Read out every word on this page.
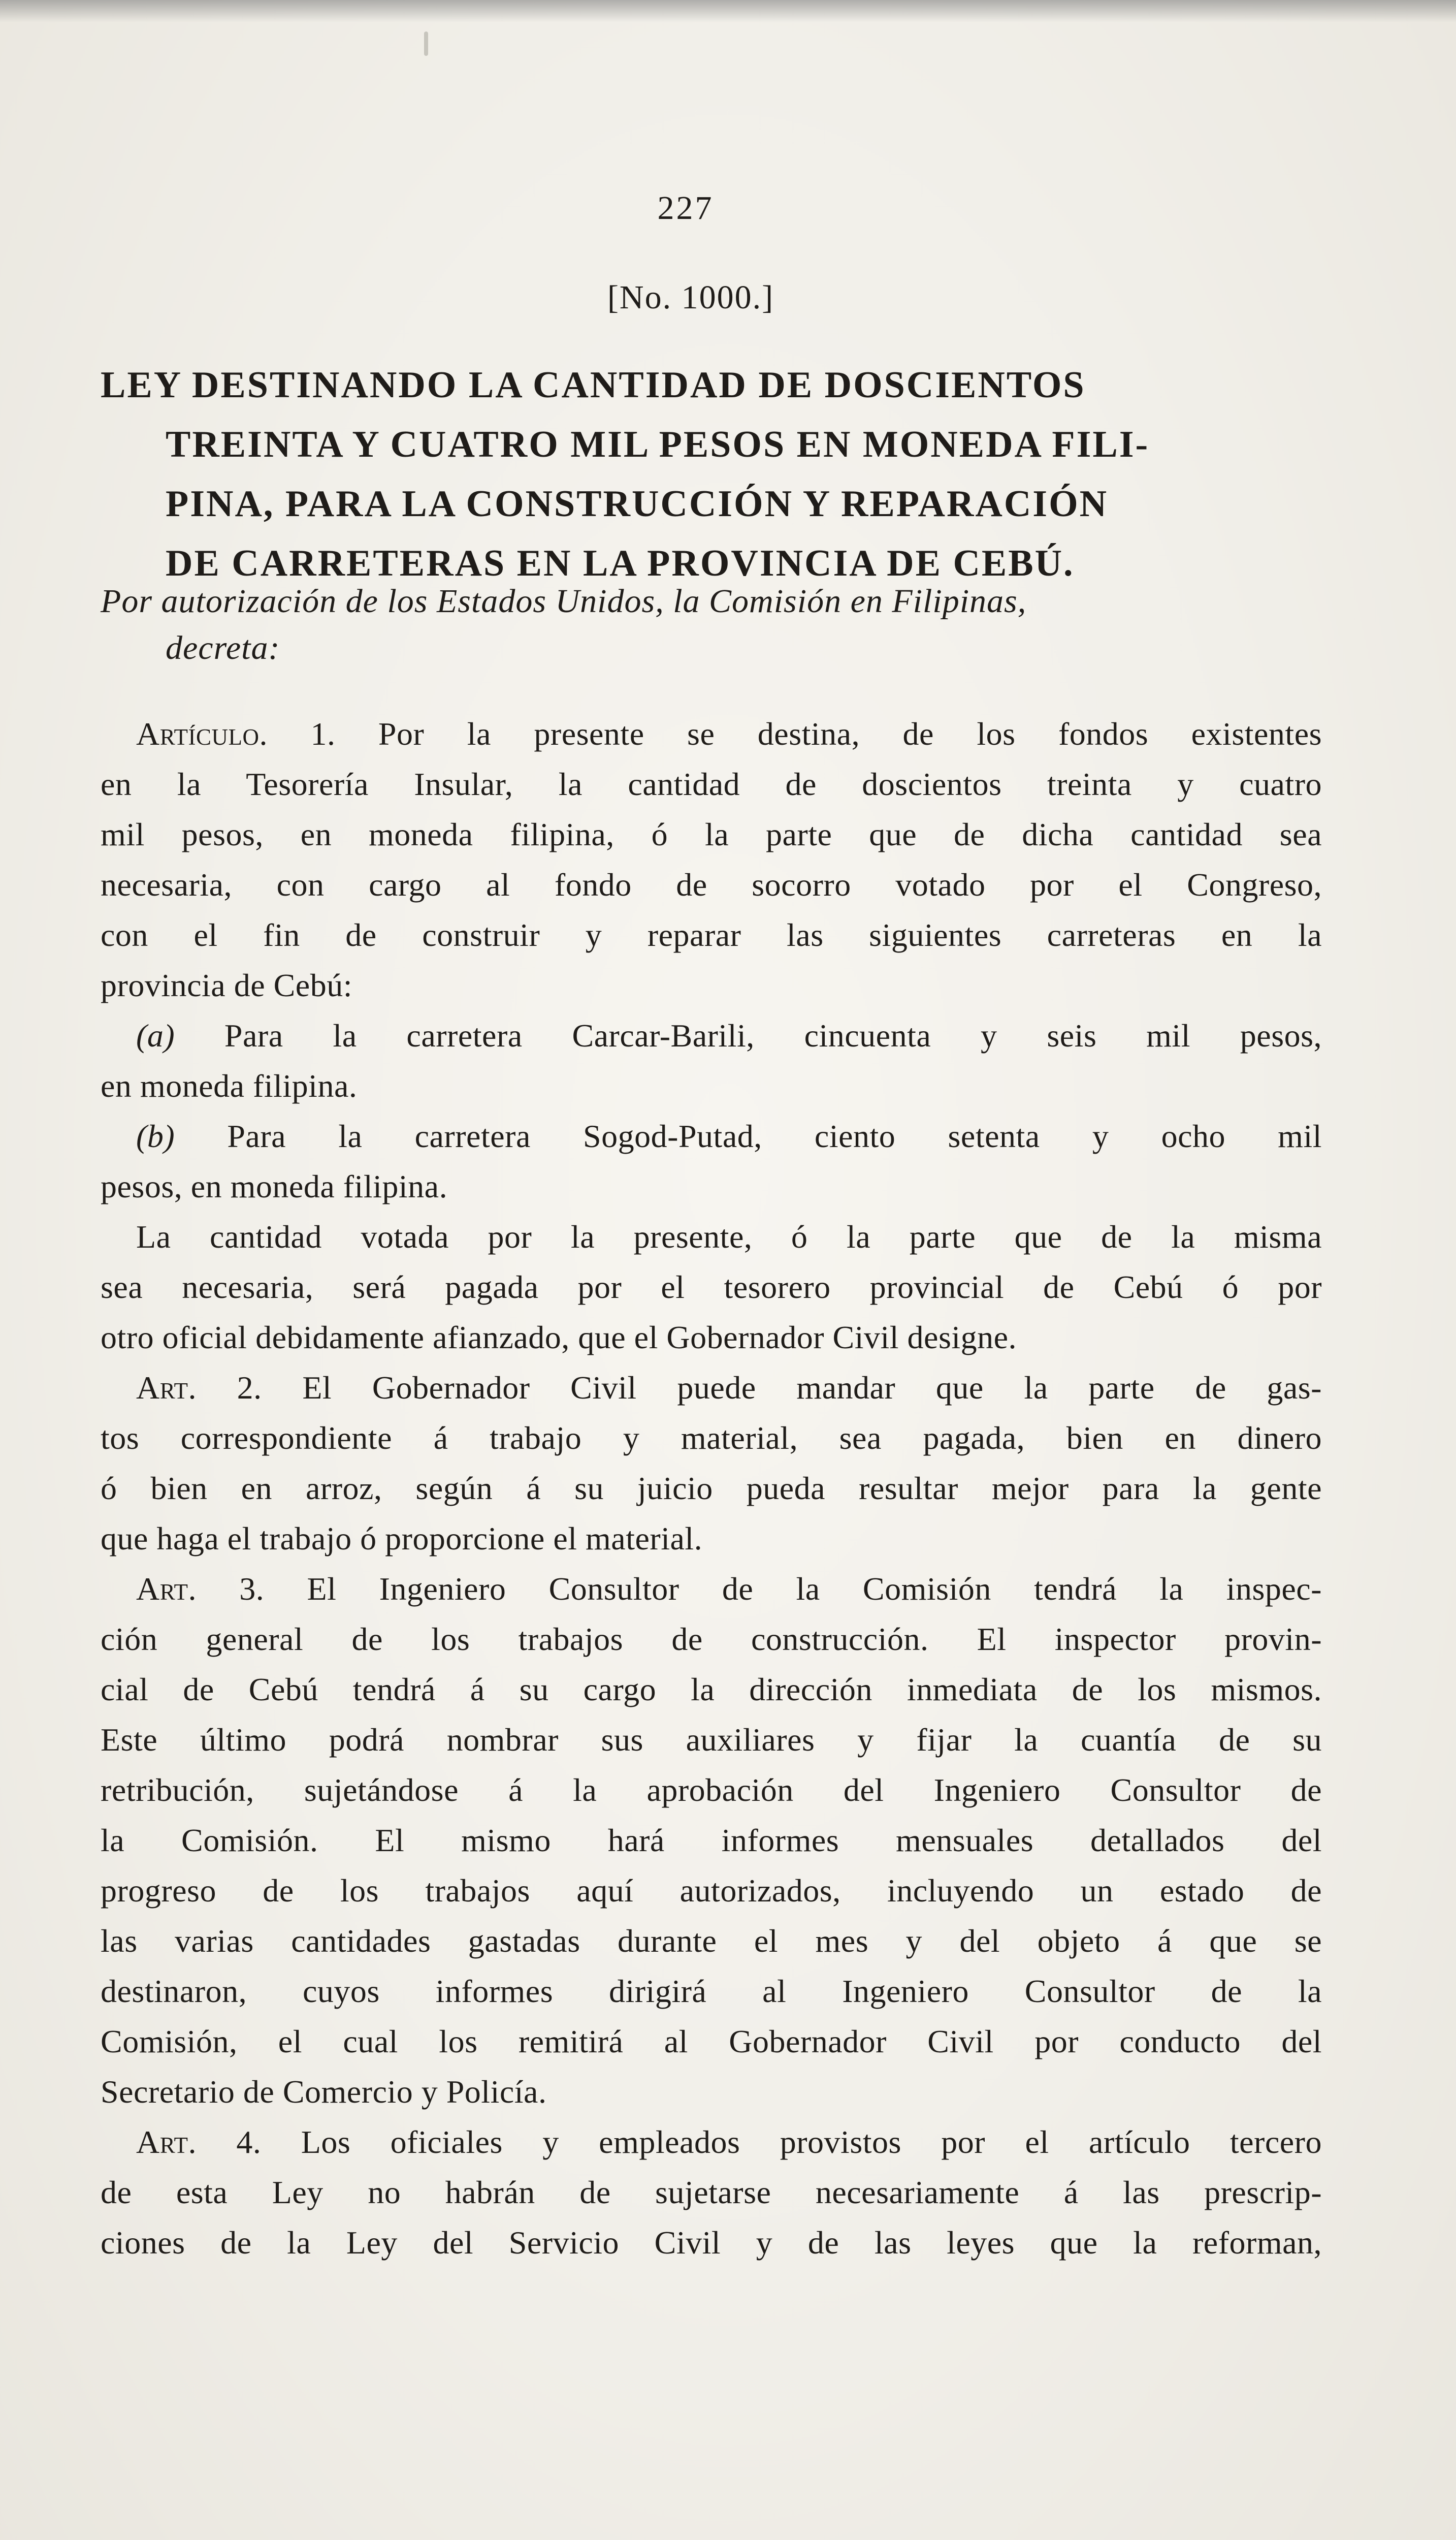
227
[No. 1000.]
LEY DESTINANDO LA CANTIDAD DE DOSCIENTOS
TREINTA Y CUATRO MIL PESOS EN MONEDA FILI-
PINA, PARA LA CONSTRUCCIÓN Y REPARACIÓN
DE CARRETERAS EN LA PROVINCIA DE CEBÚ.
Por autorización de los Estados Unidos, la Comisión en Filipinas,
decreta:
Artículo. 1. Por la presente se destina, de los fondos existentes
en la Tesorería Insular, la cantidad de doscientos treinta y cuatro
mil pesos, en moneda filipina, ó la parte que de dicha cantidad sea
necesaria, con cargo al fondo de socorro votado por el Congreso,
con el fin de construir y reparar las siguientes carreteras en la
provincia de Cebú:
(a) Para la carretera Carcar-Barili, cincuenta y seis mil pesos,
en moneda filipina.
(b) Para la carretera Sogod-Putad, ciento setenta y ocho mil
pesos, en moneda filipina.
La cantidad votada por la presente, ó la parte que de la misma
sea necesaria, será pagada por el tesorero provincial de Cebú ó por
otro oficial debidamente afianzado, que el Gobernador Civil designe.
Art. 2. El Gobernador Civil puede mandar que la parte de gas-
tos correspondiente á trabajo y material, sea pagada, bien en dinero
ó bien en arroz, según á su juicio pueda resultar mejor para la gente
que haga el trabajo ó proporcione el material.
Art. 3. El Ingeniero Consultor de la Comisión tendrá la inspec-
ción general de los trabajos de construcción. El inspector provin-
cial de Cebú tendrá á su cargo la dirección inmediata de los mismos.
Este último podrá nombrar sus auxiliares y fijar la cuantía de su
retribución, sujetándose á la aprobación del Ingeniero Consultor de
la Comisión. El mismo hará informes mensuales detallados del
progreso de los trabajos aquí autorizados, incluyendo un estado de
las varias cantidades gastadas durante el mes y del objeto á que se
destinaron, cuyos informes dirigirá al Ingeniero Consultor de la
Comisión, el cual los remitirá al Gobernador Civil por conducto del
Secretario de Comercio y Policía.
Art. 4. Los oficiales y empleados provistos por el artículo tercero
de esta Ley no habrán de sujetarse necesariamente á las prescrip-
ciones de la Ley del Servicio Civil y de las leyes que la reforman,
